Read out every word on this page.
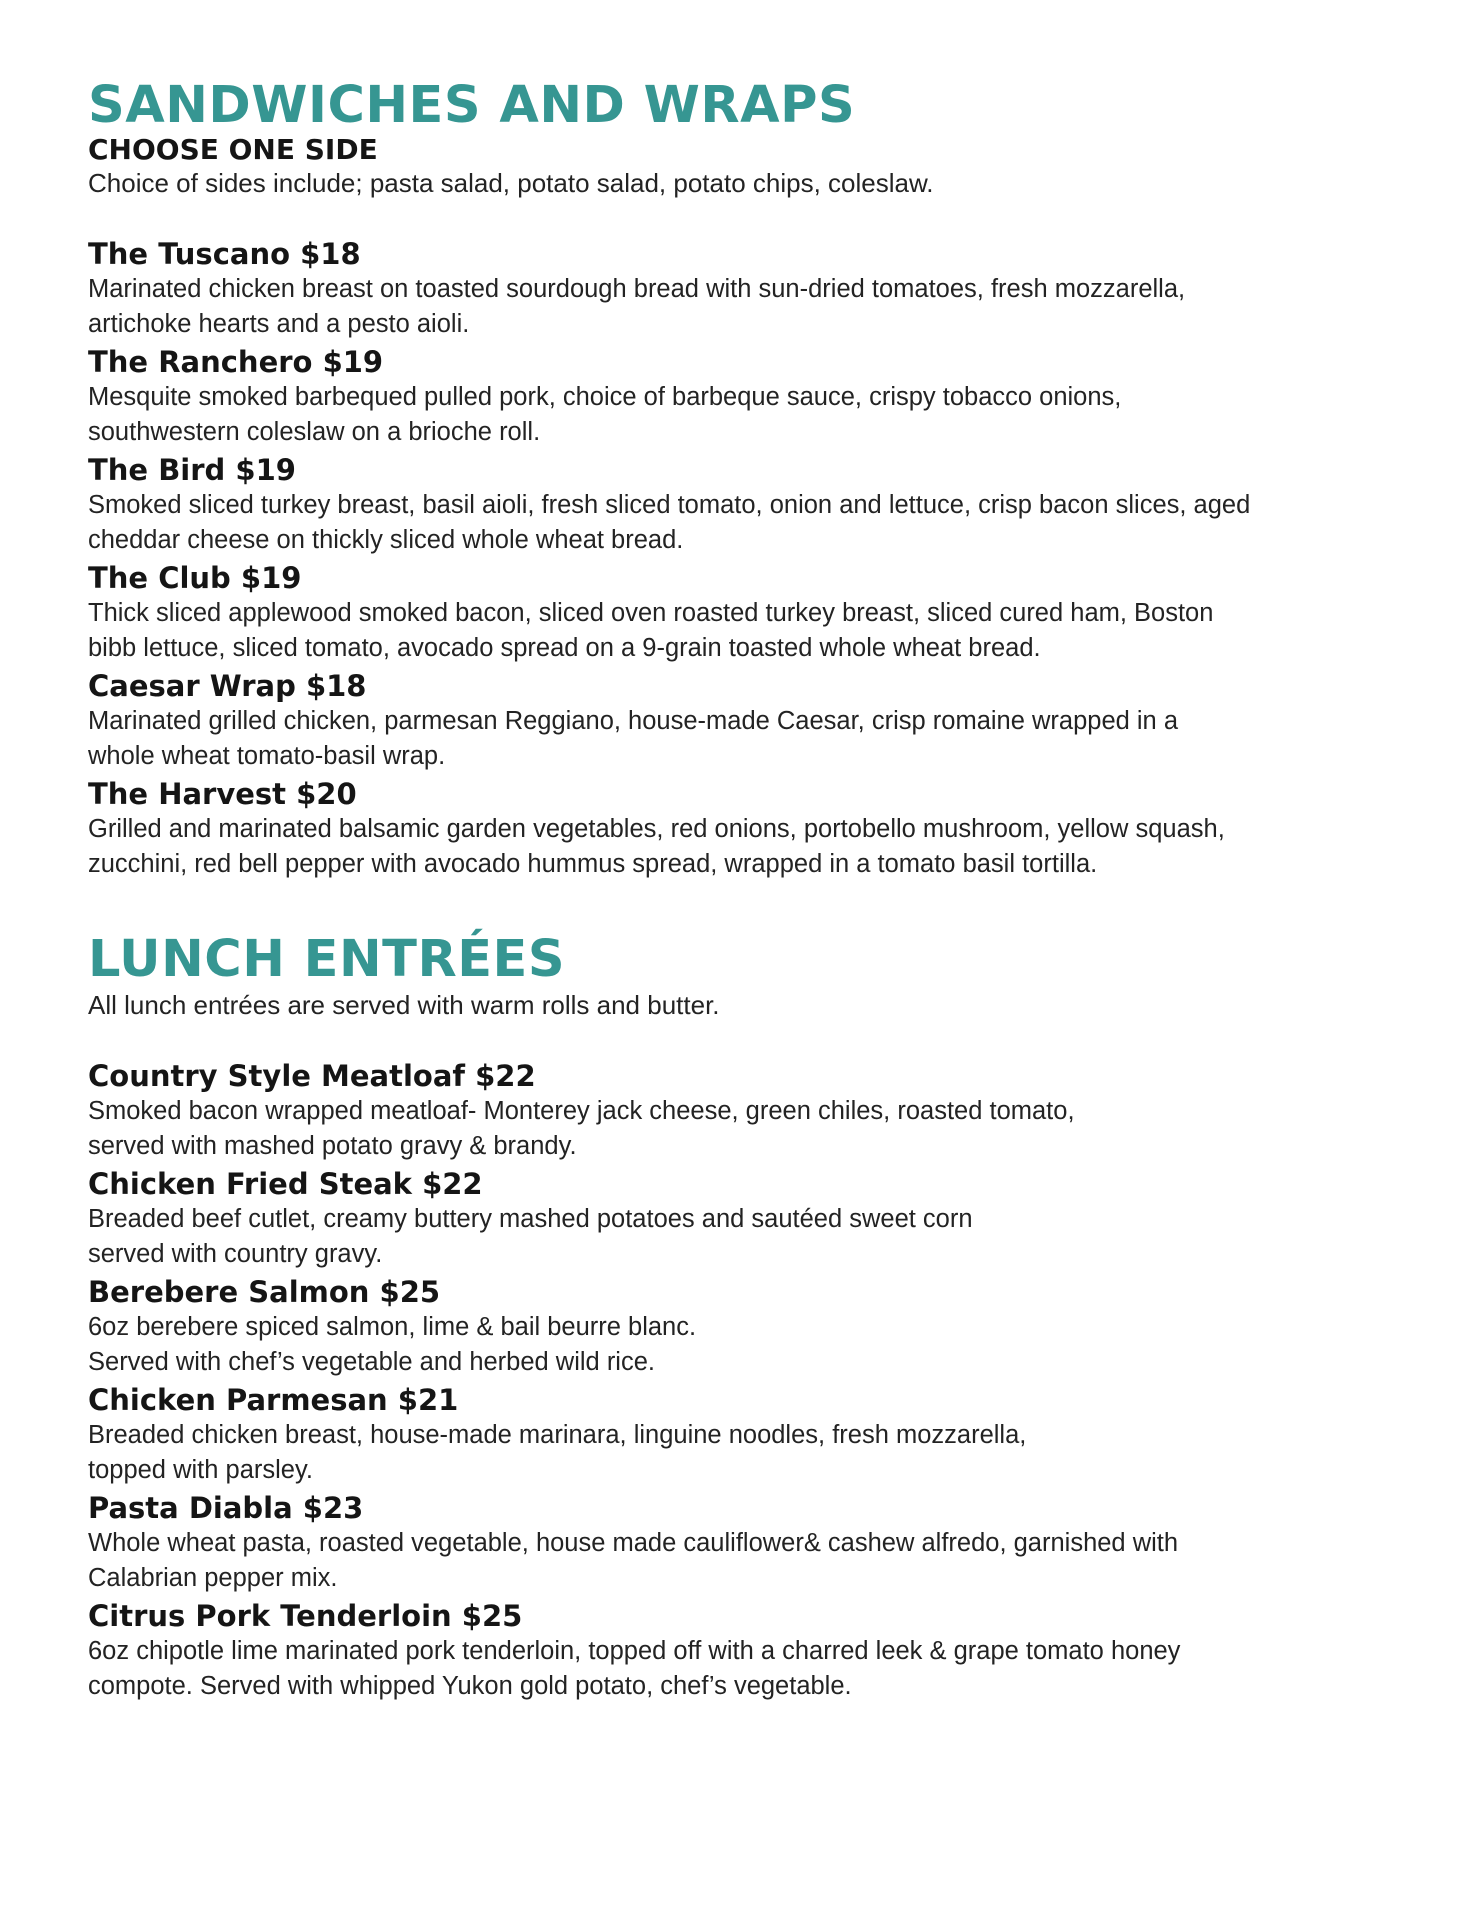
SANDWICHES AND WRAPS
CHOOSE ONE SIDE

Choice of sides include; pasta salad, potato salad, potato chips, coleslaw.

The Tuscano $18
Marinated chicken breast on toasted sourdough bread with sun-dried tomatoes, fresh mozzarella,
artichoke hearts and a pesto aioli.
The Ranchero $19
Mesquite smoked barbequed pulled pork, choice of barbeque sauce, crispy tobacco onions,
southwestern coleslaw on a brioche roll.
The Bird $19
Smoked sliced turkey breast, basil aioli, fresh sliced tomato, onion and lettuce, crisp bacon slices, aged
cheddar cheese on thickly sliced whole wheat bread.
The Club $19
Thick sliced applewood smoked bacon, sliced oven roasted turkey breast, sliced cured ham, Boston
bibb lettuce, sliced tomato, avocado spread on a 9-grain toasted whole wheat bread.
Caesar Wrap $18
Marinated grilled chicken, parmesan Reggiano, house-made Caesar, crisp romaine wrapped in a
whole wheat tomato-basil wrap.
The Harvest $20
Grilled and marinated balsamic garden vegetables, red onions, portobello mushroom, yellow squash,
zucchini, red bell pepper with avocado hummus spread, wrapped in a tomato basil tortilla.
LUNCH ENTRÉES

All lunch entrées are served with warm rolls and butter.

Country Style Meatloaf $22
Smoked bacon wrapped meatloaf- Monterey jack cheese, green chiles, roasted tomato,
served with mashed potato gravy & brandy.
Chicken Fried Steak $22
Breaded beef cutlet, creamy buttery mashed potatoes and sautéed sweet corn
served with country gravy.
Berebere Salmon $25
6oz berebere spiced salmon, lime & bail beurre blanc.
Served with chef’s vegetable and herbed wild rice.
Chicken Parmesan $21
Breaded chicken breast, house-made marinara, linguine noodles, fresh mozzarella,
topped with parsley.
Pasta Diabla $23
Whole wheat pasta, roasted vegetable, house made cauliflower& cashew alfredo, garnished with
Calabrian pepper mix.
Citrus Pork Tenderloin $25
6oz chipotle lime marinated pork tenderloin, topped off with a charred leek & grape tomato honey
compote. Served with whipped Yukon gold potato, chef’s vegetable.
